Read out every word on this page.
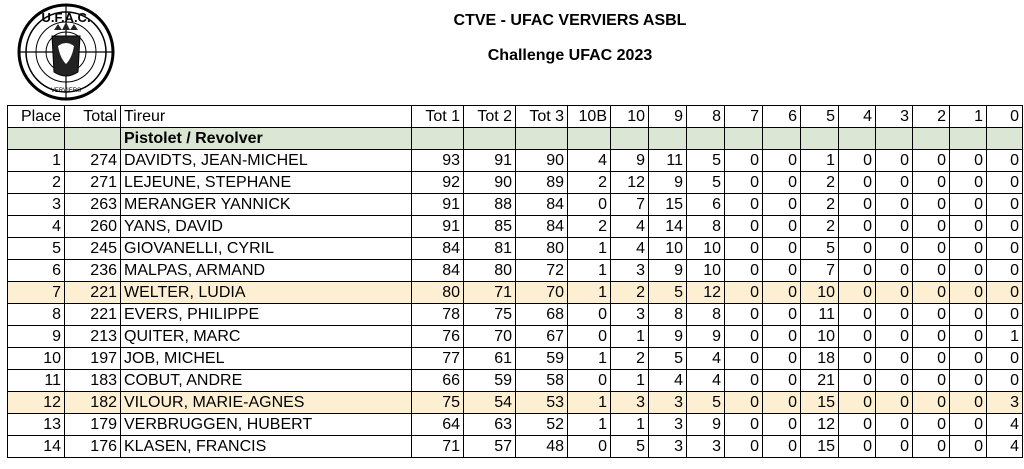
U.F.A.C.
VERVIERS
CTVE - UFAC VERVIERS ASBL
Challenge UFAC 2023
Place	Total	Tireur	Tot 1	Tot 2	Tot 3	10B	10	9	8	7	6	5	4	3	2	1	0
		Pistolet / Revolver															
1	274	DAVIDTS, JEAN-MICHEL	93	91	90	4	9	11	5	0	0	1	0	0	0	0	0
2	271	LEJEUNE, STEPHANE	92	90	89	2	12	9	5	0	0	2	0	0	0	0	0
3	263	MERANGER YANNICK	91	88	84	0	7	15	6	0	0	2	0	0	0	0	0
4	260	YANS, DAVID	91	85	84	2	4	14	8	0	0	2	0	0	0	0	0
5	245	GIOVANELLI, CYRIL	84	81	80	1	4	10	10	0	0	5	0	0	0	0	0
6	236	MALPAS, ARMAND	84	80	72	1	3	9	10	0	0	7	0	0	0	0	0
7	221	WELTER, LUDIA	80	71	70	1	2	5	12	0	0	10	0	0	0	0	0
8	221	EVERS, PHILIPPE	78	75	68	0	3	8	8	0	0	11	0	0	0	0	0
9	213	QUITER, MARC	76	70	67	0	1	9	9	0	0	10	0	0	0	0	1
10	197	JOB, MICHEL	77	61	59	1	2	5	4	0	0	18	0	0	0	0	0
11	183	COBUT, ANDRE	66	59	58	0	1	4	4	0	0	21	0	0	0	0	0
12	182	VILOUR, MARIE-AGNES	75	54	53	1	3	3	5	0	0	15	0	0	0	0	3
13	179	VERBRUGGEN, HUBERT	64	63	52	1	1	3	9	0	0	12	0	0	0	0	4
14	176	KLASEN, FRANCIS	71	57	48	0	5	3	3	0	0	15	0	0	0	0	4
